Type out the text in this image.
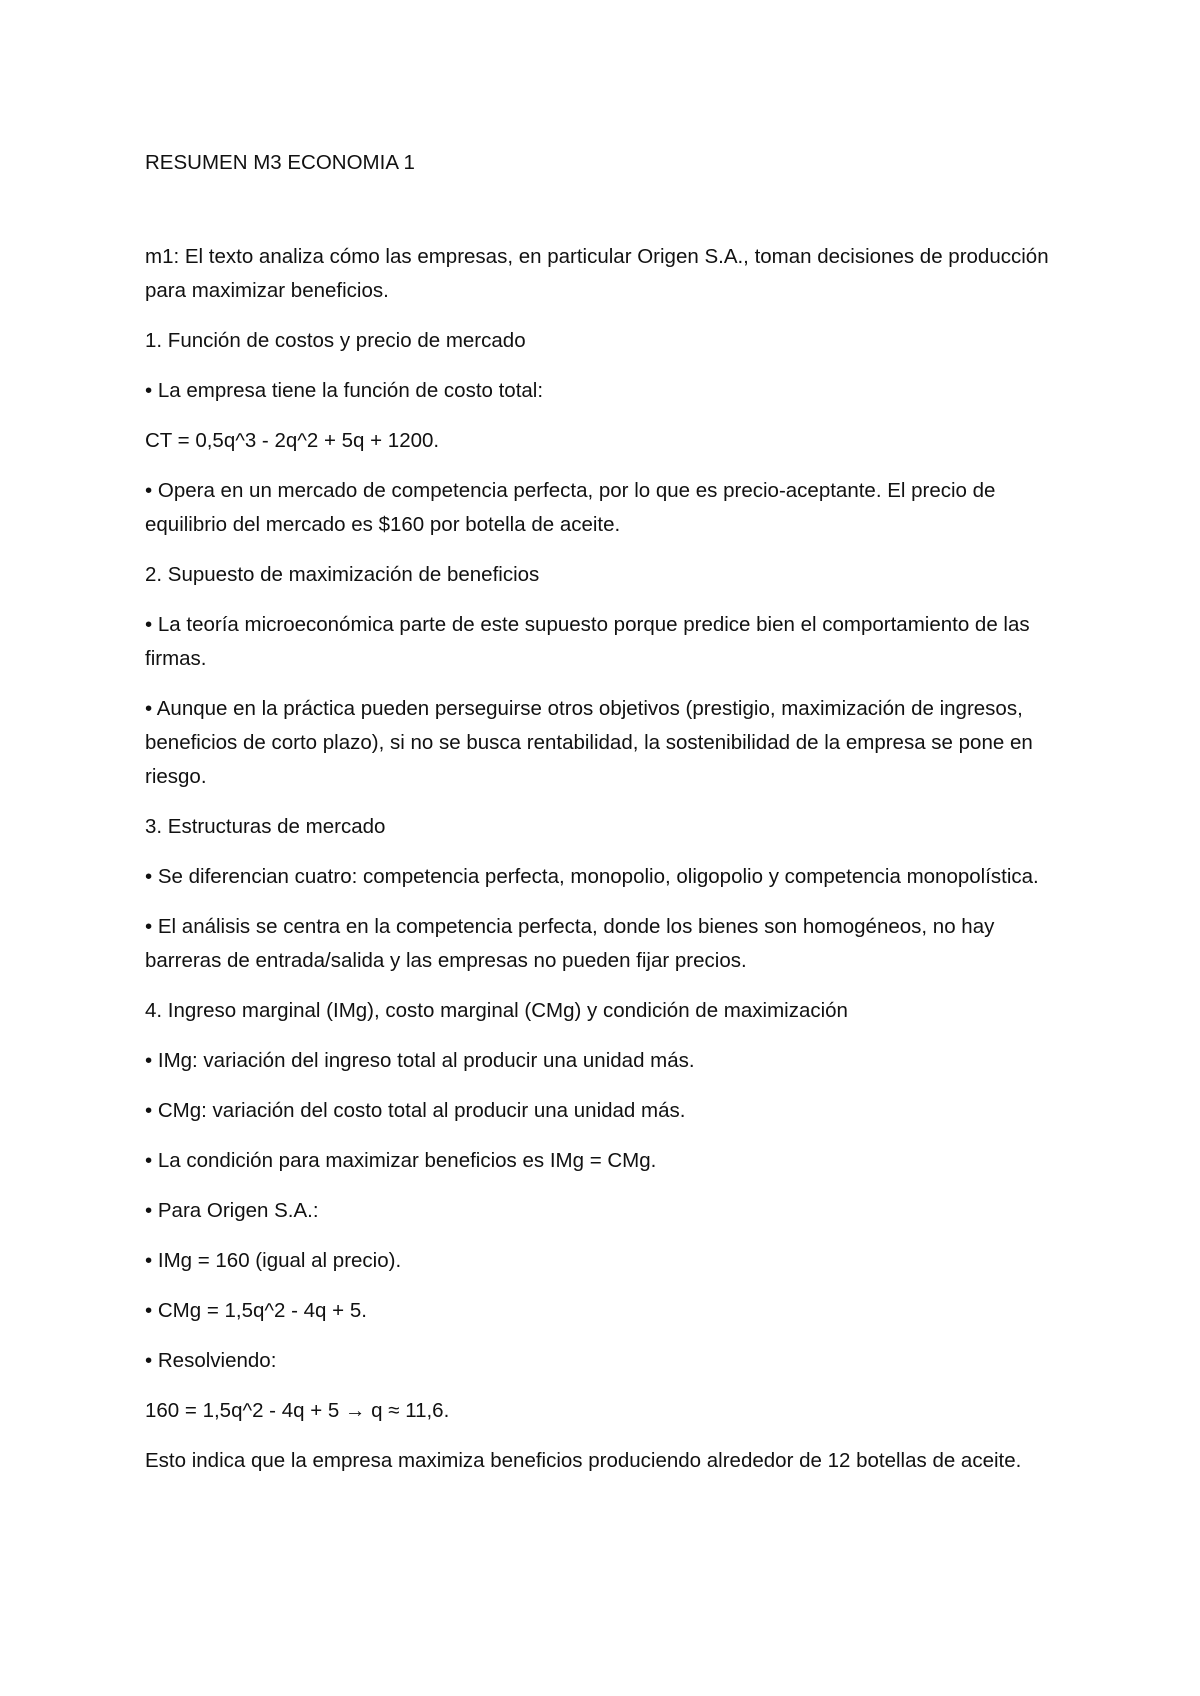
RESUMEN M3 ECONOMIA 1

m1: El texto analiza cómo las empresas, en particular Origen S.A., toman decisiones de producción para maximizar beneficios.

1. Función de costos y precio de mercado

• La empresa tiene la función de costo total:

CT = 0,5q^3 - 2q^2 + 5q + 1200.

• Opera en un mercado de competencia perfecta, por lo que es precio-aceptante. El precio de equilibrio del mercado es $160 por botella de aceite.

2. Supuesto de maximización de beneficios

• La teoría microeconómica parte de este supuesto porque predice bien el comportamiento de las firmas.

• Aunque en la práctica pueden perseguirse otros objetivos (prestigio, maximización de ingresos, beneficios de corto plazo), si no se busca rentabilidad, la sostenibilidad de la empresa se pone en riesgo.

3. Estructuras de mercado

• Se diferencian cuatro: competencia perfecta, monopolio, oligopolio y competencia monopolística.

• El análisis se centra en la competencia perfecta, donde los bienes son homogéneos, no hay barreras de entrada/salida y las empresas no pueden fijar precios.

4. Ingreso marginal (IMg), costo marginal (CMg) y condición de maximización

• IMg: variación del ingreso total al producir una unidad más.

• CMg: variación del costo total al producir una unidad más.

• La condición para maximizar beneficios es IMg = CMg.

• Para Origen S.A.:

• IMg = 160 (igual al precio).

• CMg = 1,5q^2 - 4q + 5.

• Resolviendo:

160 = 1,5q^2 - 4q + 5 → q ≈ 11,6.

Esto indica que la empresa maximiza beneficios produciendo alrededor de 12 botellas de aceite.
